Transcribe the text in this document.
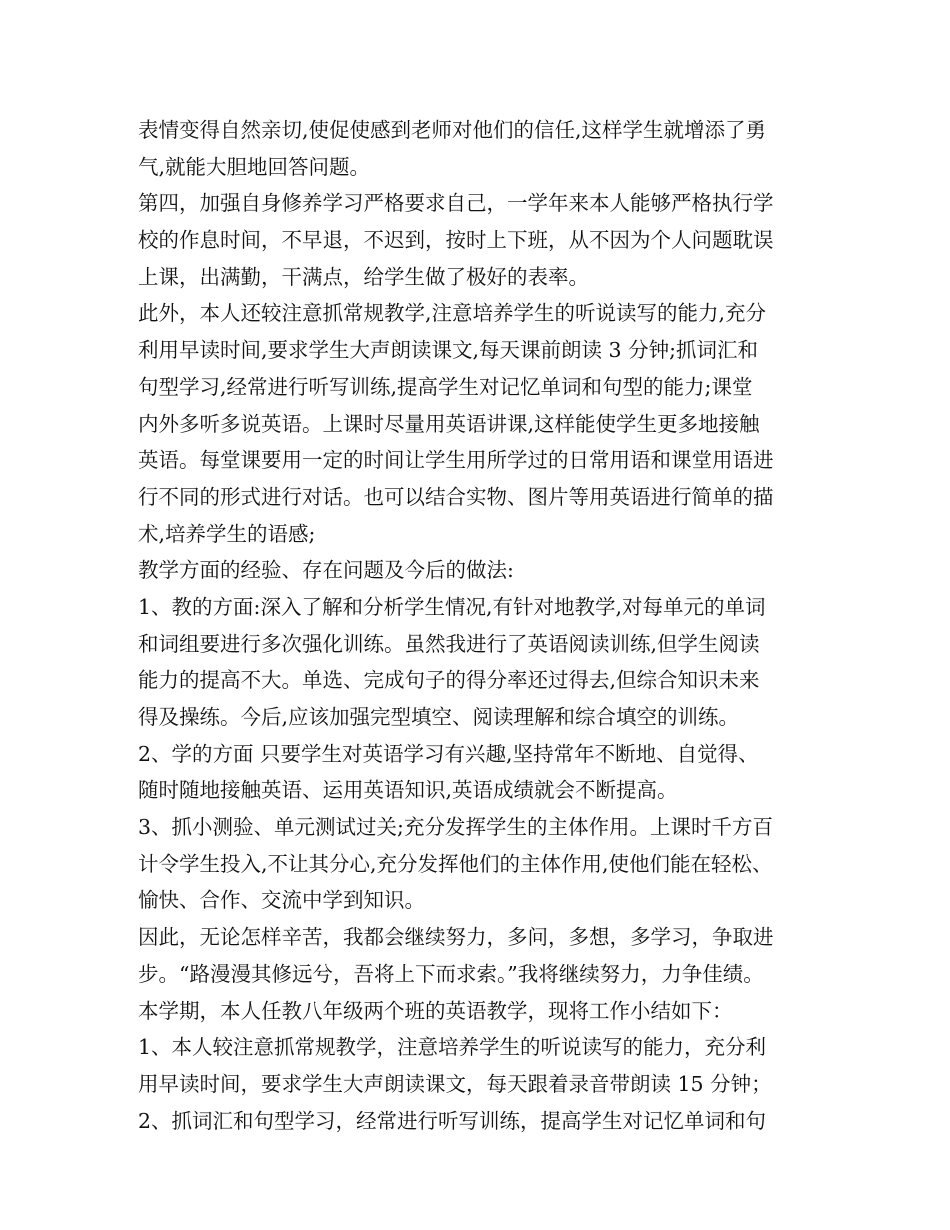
表情变得自然亲切,使促使感到老师对他们的信任,这样学生就增添了勇
气,就能大胆地回答问题。
第四，加强自身修养学习严格要求自己，一学年来本人能够严格执行学
校的作息时间，不早退，不迟到，按时上下班，从不因为个人问题耽误
上课，出满勤，干满点，给学生做了极好的表率。
此外，本人还较注意抓常规教学,注意培养学生的听说读写的能力,充分
利用早读时间,要求学生大声朗读课文,每天课前朗读 3 分钟;抓词汇和
句型学习,经常进行听写训练,提高学生对记忆单词和句型的能力;课堂
内外多听多说英语。上课时尽量用英语讲课,这样能使学生更多地接触
英语。每堂课要用一定的时间让学生用所学过的日常用语和课堂用语进
行不同的形式进行对话。也可以结合实物、图片等用英语进行简单的描
术,培养学生的语感;
教学方面的经验、存在问题及今后的做法:
1、教的方面:深入了解和分析学生情况,有针对地教学,对每单元的单词
和词组要进行多次强化训练。虽然我进行了英语阅读训练,但学生阅读
能力的提高不大。单选、完成句子的得分率还过得去,但综合知识未来
得及操练。今后,应该加强完型填空、阅读理解和综合填空的训练。
2、学的方面 只要学生对英语学习有兴趣,坚持常年不断地、自觉得、
随时随地接触英语、运用英语知识,英语成绩就会不断提高。
3、抓小测验、单元测试过关;充分发挥学生的主体作用。上课时千方百
计令学生投入,不让其分心,充分发挥他们的主体作用,使他们能在轻松、
愉快、合作、交流中学到知识。
因此，无论怎样辛苦，我都会继续努力，多问，多想，多学习，争取进
步。“路漫漫其修远兮，吾将上下而求索。”我将继续努力，力争佳绩。
本学期，本人任教八年级两个班的英语教学，现将工作小结如下：
1、本人较注意抓常规教学，注意培养学生的听说读写的能力，充分利
用早读时间，要求学生大声朗读课文，每天跟着录音带朗读 15 分钟；
2、抓词汇和句型学习，经常进行听写训练，提高学生对记忆单词和句
